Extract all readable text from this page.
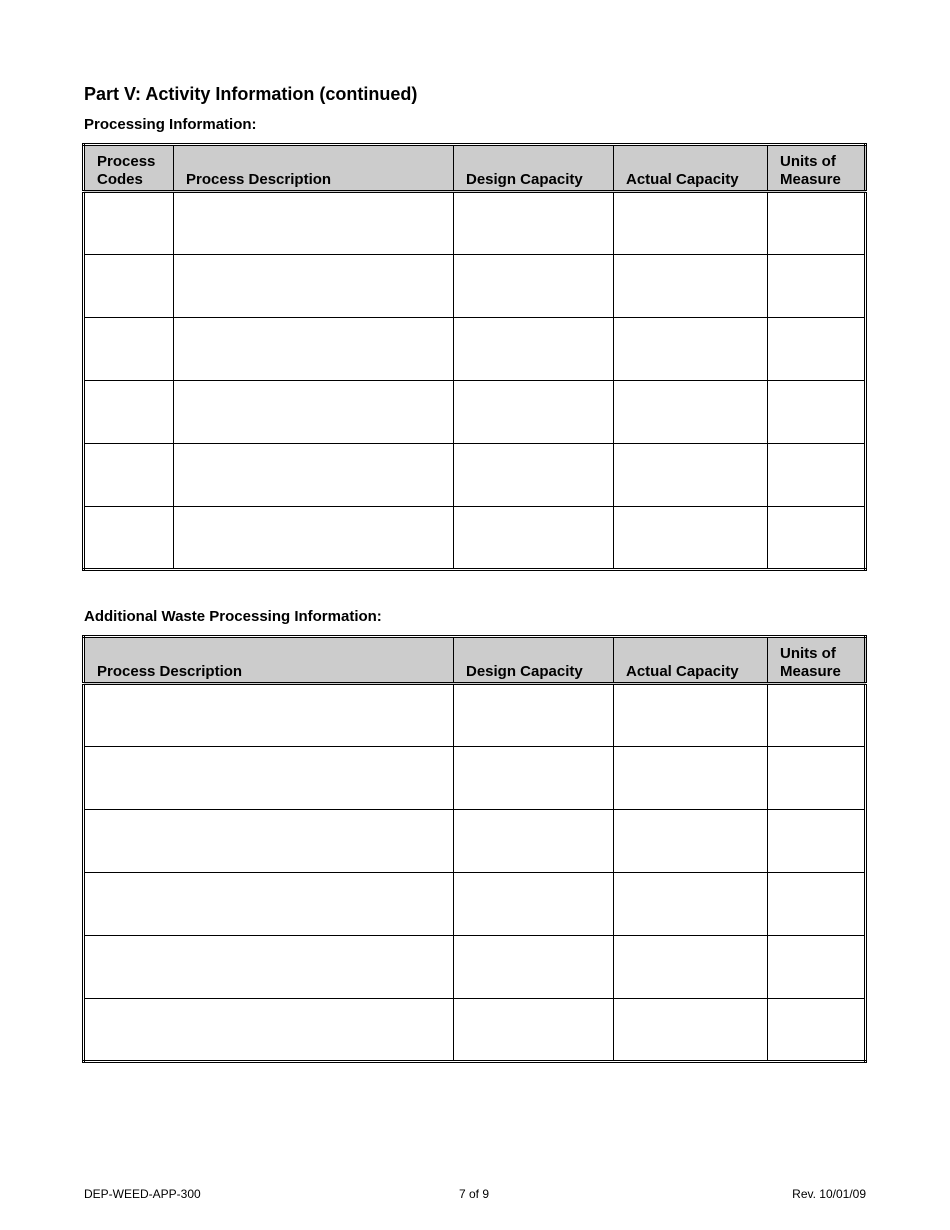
Part V: Activity Information (continued)

Processing Information:

Process
Codes	Process Description	Design Capacity	Actual Capacity	Units of
Measure

Additional Waste Processing Information:

Process Description	Design Capacity	Actual Capacity	Units of
Measure

DEP-WEED-APP-300	7 of 9	Rev. 10/01/09
